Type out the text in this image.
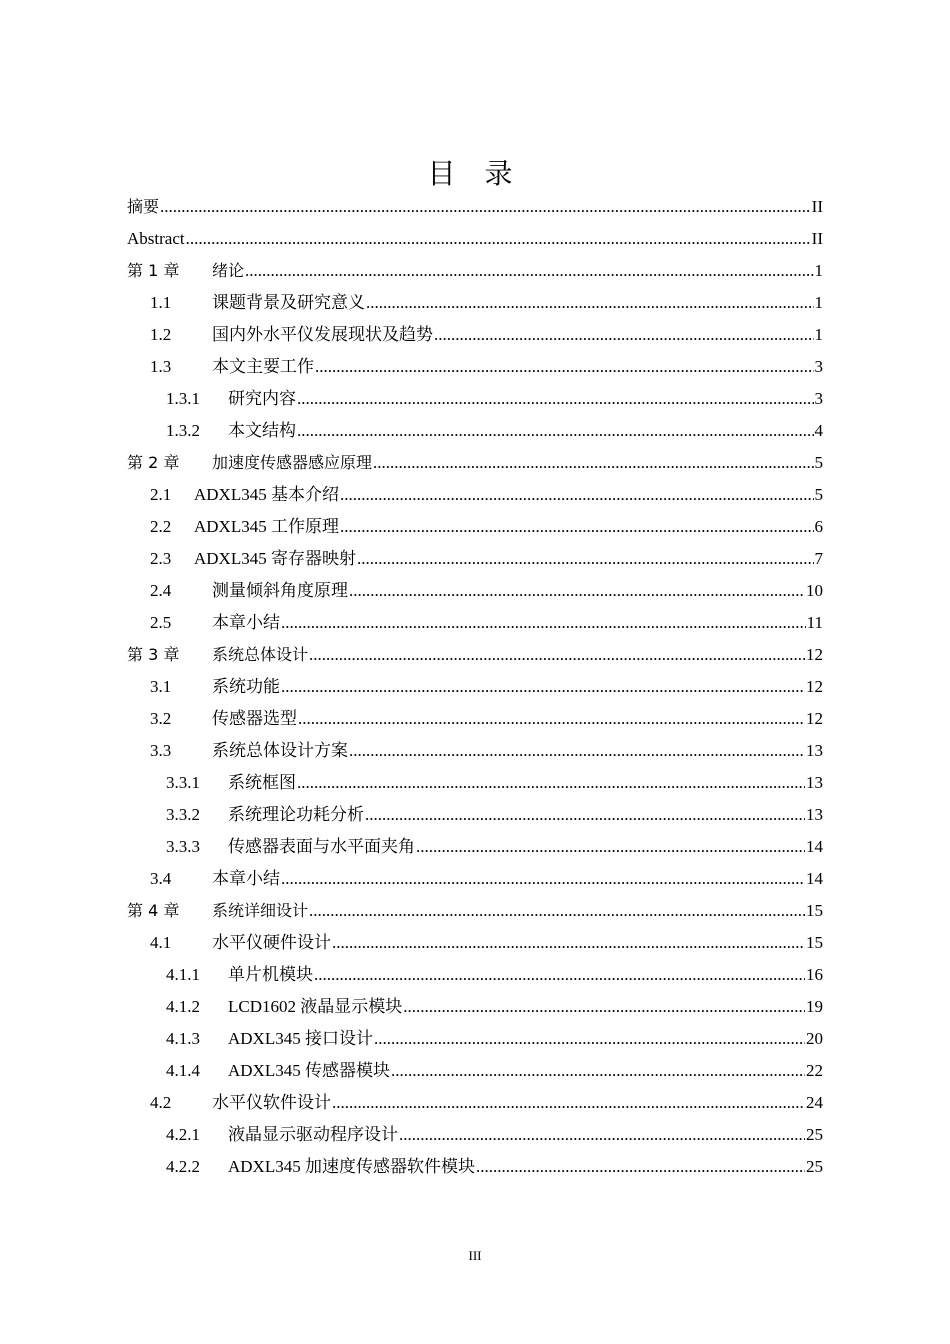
目 录
摘要 .....	II
Abstract .....	II
第 1 章	绪论 .....	1
1.1	课题背景及研究意义 .....	1
1.2	国内外水平仪发展现状及趋势 .....	1
1.3	本文主要工作 .....	3
1.3.1	研究内容 .....	3
1.3.2	本文结构 .....	4
第 2 章	加速度传感器感应原理 .....	5
2.1	ADXL345 基本介绍 .....	5
2.2	ADXL345 工作原理 .....	6
2.3	ADXL345 寄存器映射 .....	7
2.4	测量倾斜角度原理 .....	10
2.5	本章小结 .....	11
第 3 章	系统总体设计 .....	12
3.1	系统功能 .....	12
3.2	传感器选型 .....	12
3.3	系统总体设计方案 .....	13
3.3.1	系统框图 .....	13
3.3.2	系统理论功耗分析 .....	13
3.3.3	传感器表面与水平面夹角 .....	14
3.4	本章小结 .....	14
第 4 章	系统详细设计 .....	15
4.1	水平仪硬件设计 .....	15
4.1.1	单片机模块 .....	16
4.1.2	LCD1602 液晶显示模块 .....	19
4.1.3	ADXL345 接口设计 .....	20
4.1.4	ADXL345 传感器模块 .....	22
4.2	水平仪软件设计 .....	24
4.2.1	液晶显示驱动程序设计 .....	25
4.2.2	ADXL345 加速度传感器软件模块 .....	25
III
